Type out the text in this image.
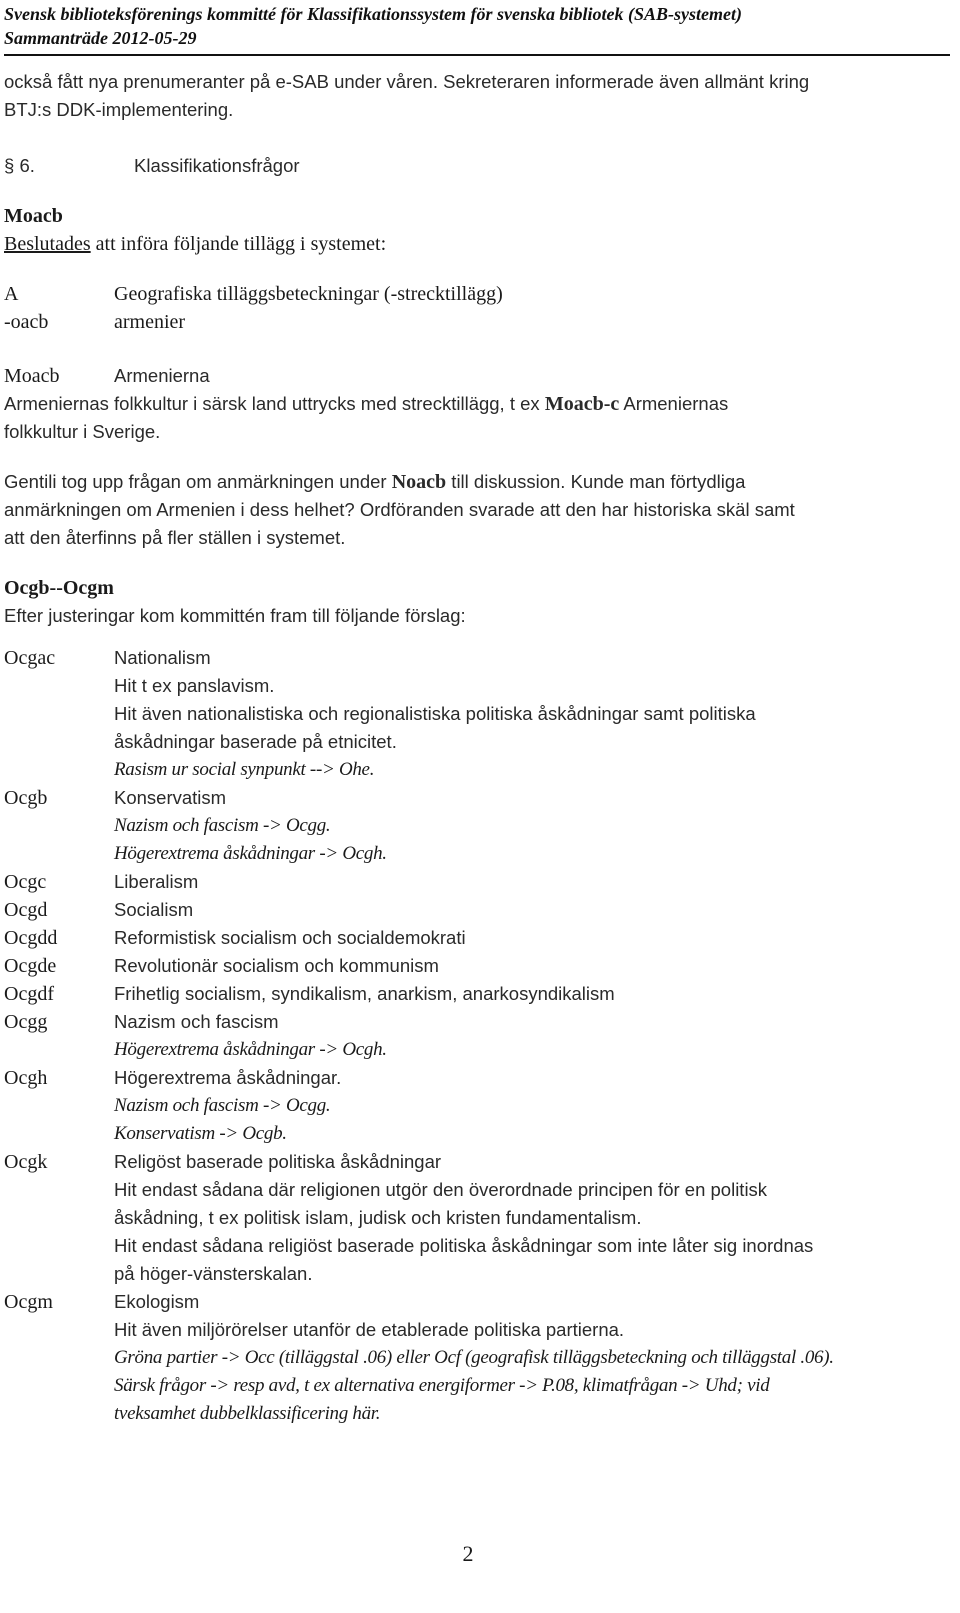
Svensk biblioteksförenings kommitté för Klassifikationssystem för svenska bibliotek (SAB-systemet)
Sammanträde 2012-05-29

också fått nya prenumeranter på e-SAB under våren. Sekreteraren informerade även allmänt kring

BTJ:s DDK-implementering.

§ 6.	Klassifikationsfrågor

Moacb

Beslutades att införa följande tillägg i systemet:

A	Geografiska tilläggsbeteckningar (-strecktillägg)
-oacb	armenier
Moacb	Armenierna

Armeniernas folkkultur i särsk land uttrycks med strecktillägg, t ex Moacb-c Armeniernas

folkkultur i Sverige.

Gentili tog upp frågan om anmärkningen under Noacb till diskussion. Kunde man förtydliga

anmärkningen om Armenien i dess helhet? Ordföranden svarade att den har historiska skäl samt

att den återfinns på fler ställen i systemet.

Ocgb--Ocgm

Efter justeringar kom kommittén fram till följande förslag:

Ocgac	Nationalism
Hit t ex panslavism.
Hit även nationalistiska och regionalistiska politiska åskådningar samt politiska
åskådningar baserade på etnicitet.
Rasism ur social synpunkt --> Ohe.
Ocgb	Konservatism
Nazism och fascism -> Ocgg.
Högerextrema åskådningar -> Ocgh.
Ocgc	Liberalism
Ocgd	Socialism
Ocgdd	Reformistisk socialism och socialdemokrati
Ocgde	Revolutionär socialism och kommunism
Ocgdf	Frihetlig socialism, syndikalism, anarkism, anarkosyndikalism
Ocgg	Nazism och fascism
Högerextrema åskådningar -> Ocgh.
Ocgh	Högerextrema åskådningar.
Nazism och fascism -> Ocgg.
Konservatism -> Ocgb.
Ocgk	Religöst baserade politiska åskådningar
Hit endast sådana där religionen utgör den överordnade principen för en politisk
åskådning, t ex politisk islam, judisk och kristen fundamentalism.
Hit endast sådana religiöst baserade politiska åskådningar som inte låter sig inordnas
på höger-vänsterskalan.
Ocgm	Ekologism
Hit även miljörörelser utanför de etablerade politiska partierna.
Gröna partier -> Occ (tilläggstal .06) eller Ocf (geografisk tilläggsbeteckning och tilläggstal .06).
Särsk frågor -> resp avd, t ex alternativa energiformer -> P.08, klimatfrågan -> Uhd; vid
tveksamhet dubbelklassificering här.
2
